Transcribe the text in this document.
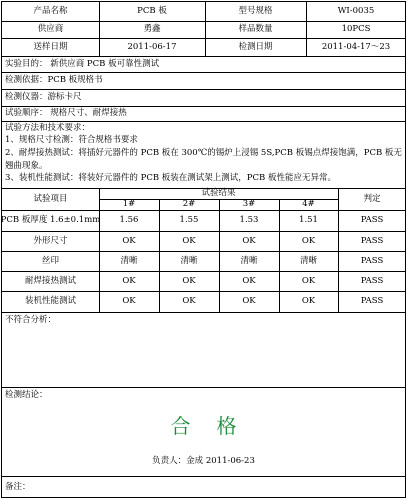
产品名称	PCB 板	型号规格	WI-0035
供应商	勇鑫	样品数量	10PCS
送样日期	2011-06-17	检测日期	2011-04-17～23
实验目的： 新供应商 PCB 板可靠性测试
检测依据：PCB 板规格书
检测仪器：游标卡尺
试验顺序： 规格尺寸、耐焊接热
试验方法和技术要求：
1、规格尺寸检测：符合规格书要求
2、耐焊接热测试：将插好元器件的 PCB 板在 300℃的锡炉上浸锡 5S,PCB 板锡点焊接饱满，PCB 板无翘曲现象。
3、装机性能测试：将装好元器件的 PCB 板装在测试架上测试，PCB 板性能应无异常。
试验项目
试验结果
判定
1#	2#	3#	4#
PCB 板厚度 1.6±0.1mm	1.56	1.55	1.53	1.51	PASS
外形尺寸	OK	OK	OK	OK	PASS
丝印	清晰	清晰	清晰	清晰	PASS
耐焊接热测试	OK	OK	OK	OK	PASS
装机性能测试	OK	OK	OK	OK	PASS
不符合分析：
检测结论：
合格
负责人：金成 2011-06-23
备注：
